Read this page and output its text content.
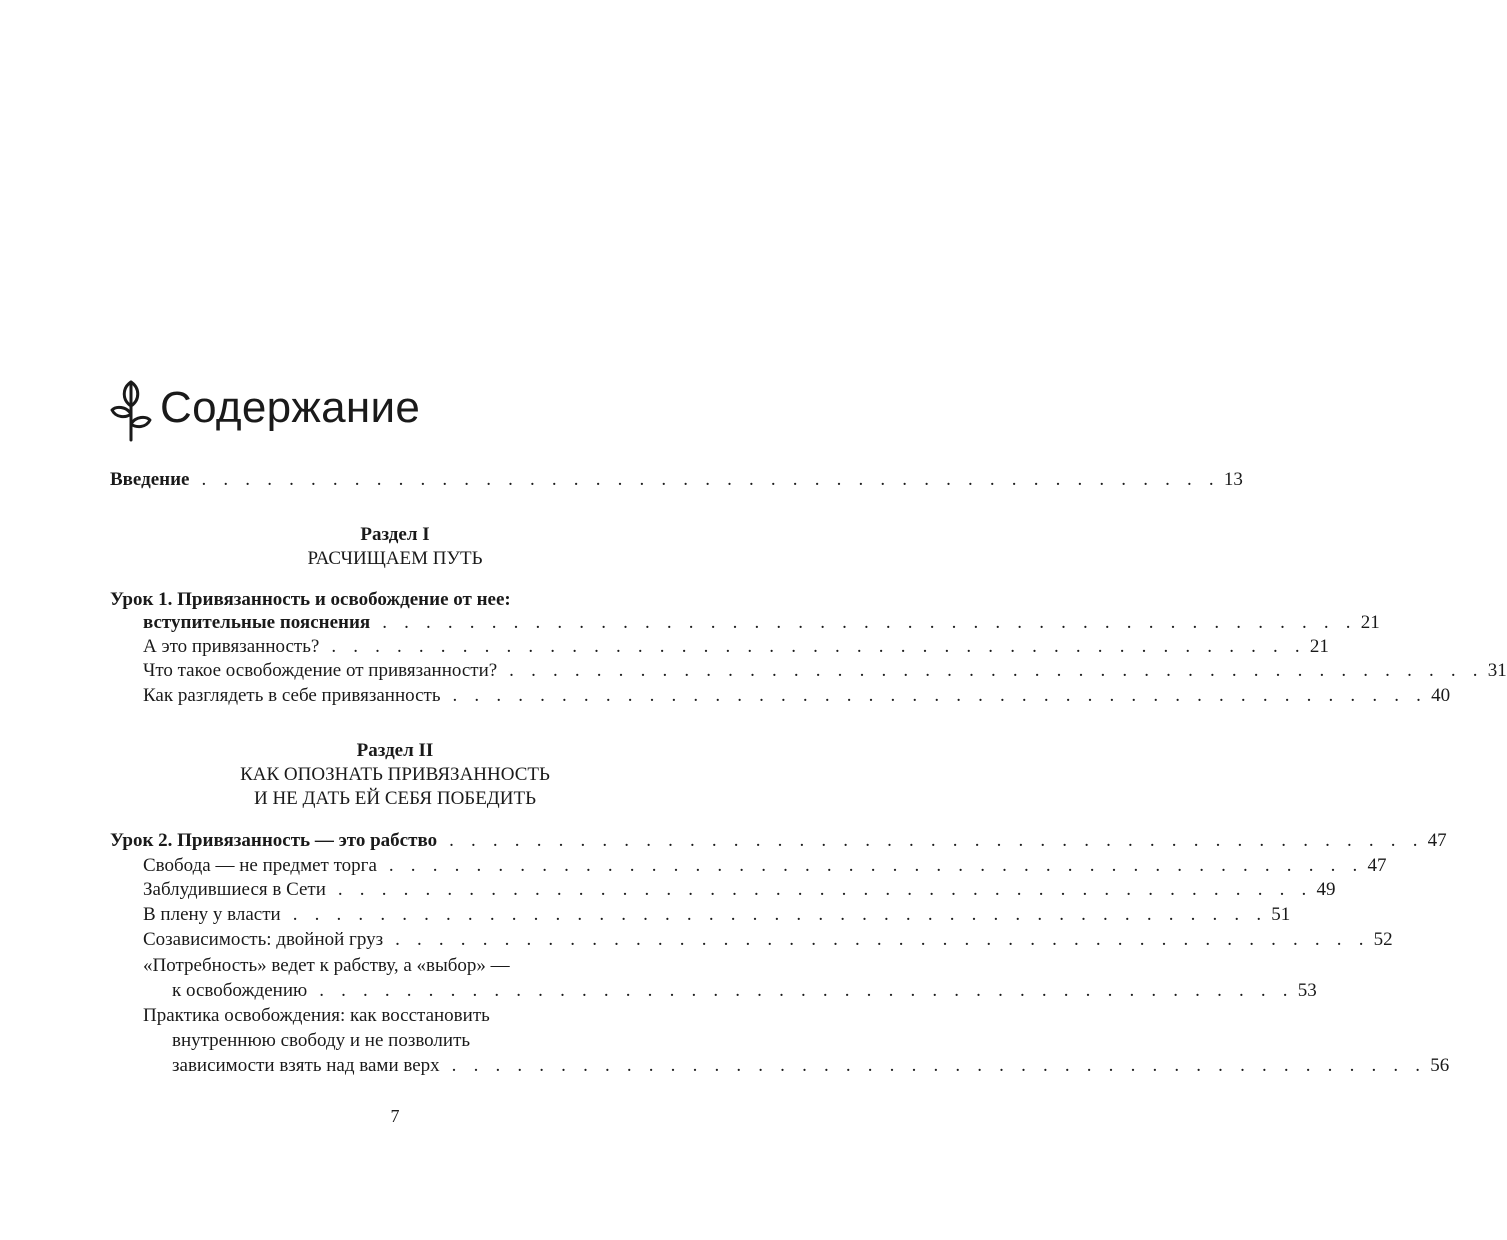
Содержание
Введение . . . . . . . . . . . . . . . . . . . . . . . . . . . . . . . . . . . . . . . . . . . . . . . 13
Раздел I
РАСЧИЩАЕМ ПУТЬ
Урок 1. Привязанность и освобождение от нее:
вступительные пояснения . . . . . . . . . . . . . . . . . . . . . . . . . . . . . . . . . . . . . . . . . . . . . 21
А это привязанность? . . . . . . . . . . . . . . . . . . . . . . . . . . . . . . . . . . . . . . . . . . . . . 21
Что такое освобождение от привязанности? . . . . . . . . . . . . . . . . . . . . . . . . . . . . . . . . . . . . . . . . . . . . . 31
Как разглядеть в себе привязанность . . . . . . . . . . . . . . . . . . . . . . . . . . . . . . . . . . . . . . . . . . . . . 40
Раздел II
КАК ОПОЗНАТЬ ПРИВЯЗАННОСТЬ
И НЕ ДАТЬ ЕЙ СЕБЯ ПОБЕДИТЬ
Урок 2. Привязанность — это рабство . . . . . . . . . . . . . . . . . . . . . . . . . . . . . . . . . . . . . . . . . . . . . 47
Свобода — не предмет торга . . . . . . . . . . . . . . . . . . . . . . . . . . . . . . . . . . . . . . . . . . . . . 47
Заблудившиеся в Сети . . . . . . . . . . . . . . . . . . . . . . . . . . . . . . . . . . . . . . . . . . . . . 49
В плену у власти . . . . . . . . . . . . . . . . . . . . . . . . . . . . . . . . . . . . . . . . . . . . . 51
Созависимость: двойной груз . . . . . . . . . . . . . . . . . . . . . . . . . . . . . . . . . . . . . . . . . . . . . 52
«Потребность» ведет к рабству, а «выбор» —
к освобождению . . . . . . . . . . . . . . . . . . . . . . . . . . . . . . . . . . . . . . . . . . . . . 53
Практика освобождения: как восстановить
внутреннюю свободу и не позволить
зависимости взять над вами верх . . . . . . . . . . . . . . . . . . . . . . . . . . . . . . . . . . . . . . . . . . . . . 56
7
